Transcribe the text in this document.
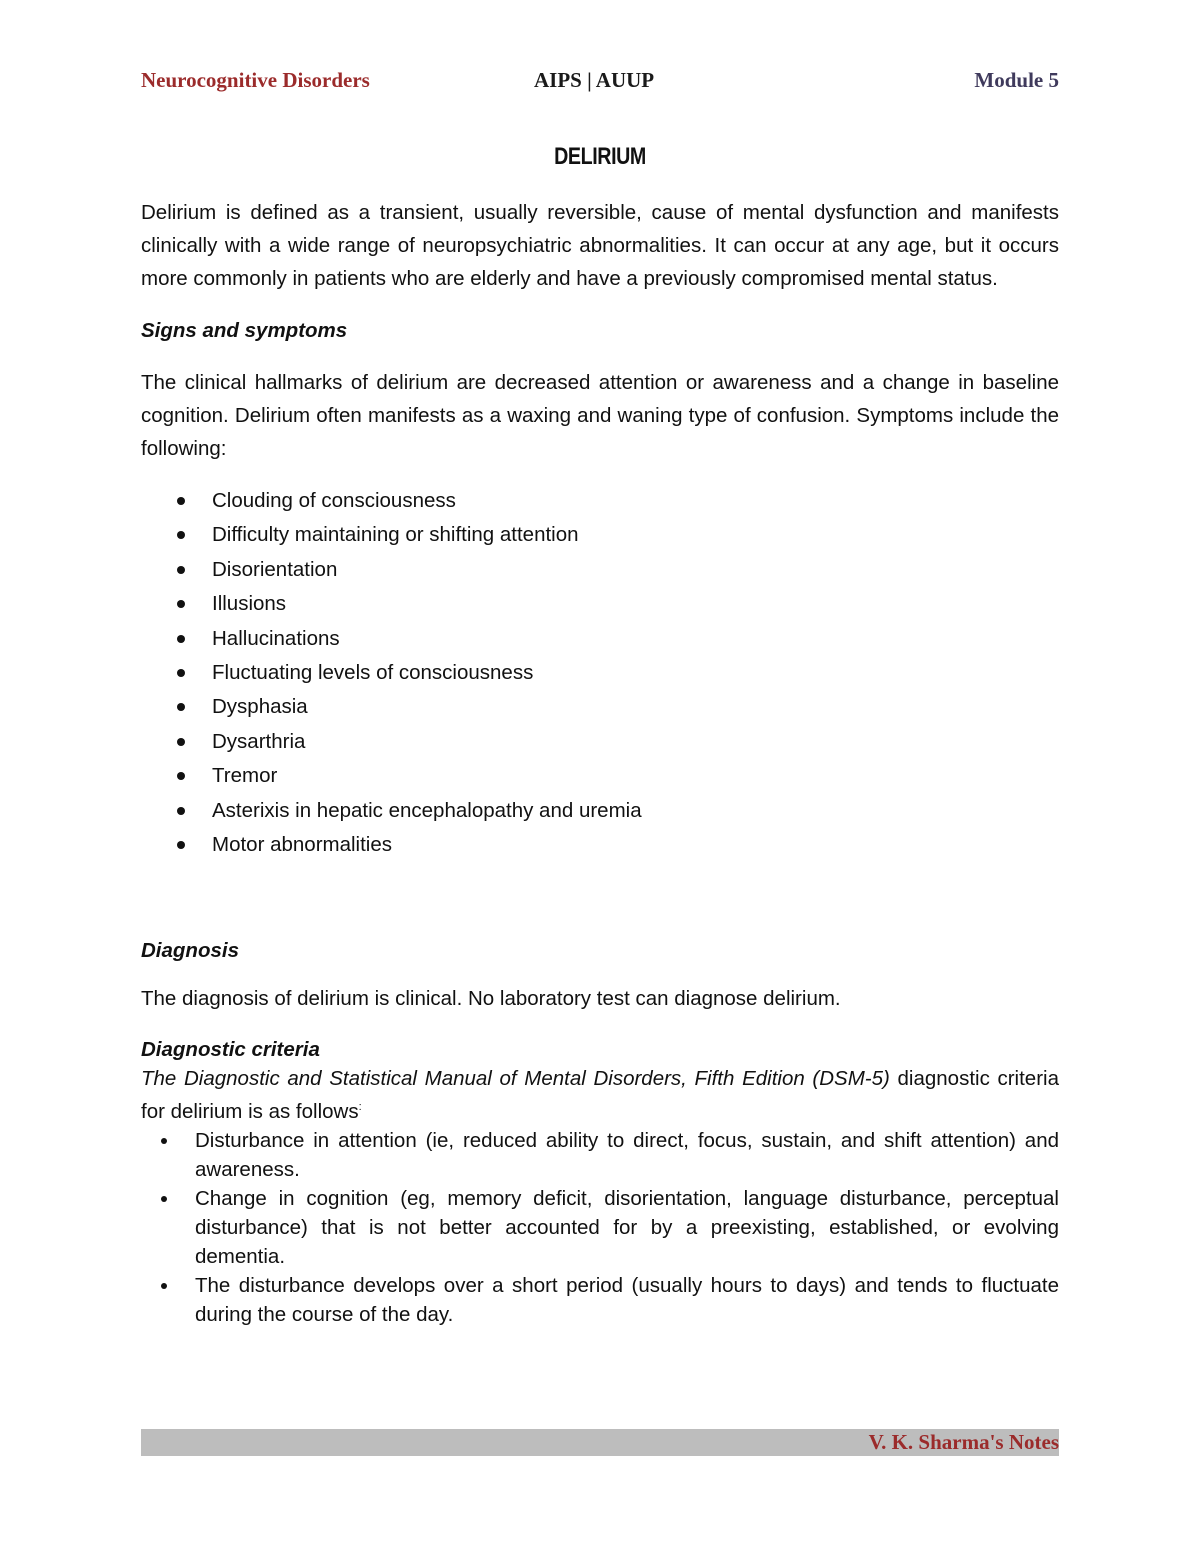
Neurocognitive Disorders	AIPS | AUUP	Module 5
DELIRIUM

Delirium is defined as a transient, usually reversible, cause of mental dysfunction and manifests clinically with a wide range of neuropsychiatric abnormalities. It can occur at any age, but it occurs more commonly in patients who are elderly and have a previously compromised mental status.

Signs and symptoms

The clinical hallmarks of delirium are decreased attention or awareness and a change in baseline cognition. Delirium often manifests as a waxing and waning type of confusion. Symptoms include the following:

Clouding of consciousness
Difficulty maintaining or shifting attention
Disorientation
Illusions
Hallucinations
Fluctuating levels of consciousness
Dysphasia
Dysarthria
Tremor
Asterixis in hepatic encephalopathy and uremia
Motor abnormalities

Diagnosis

The diagnosis of delirium is clinical. No laboratory test can diagnose delirium.

Diagnostic criteria

The Diagnostic and Statistical Manual of Mental Disorders, Fifth Edition (DSM-5) diagnostic criteria for delirium is as follows:

Disturbance in attention (ie, reduced ability to direct, focus, sustain, and shift attention) and awareness.
Change in cognition (eg, memory deficit, disorientation, language disturbance, perceptual disturbance) that is not better accounted for by a preexisting, established, or evolving dementia.
The disturbance develops over a short period (usually hours to days) and tends to fluctuate during the course of the day.
V. K. Sharma's Notes
